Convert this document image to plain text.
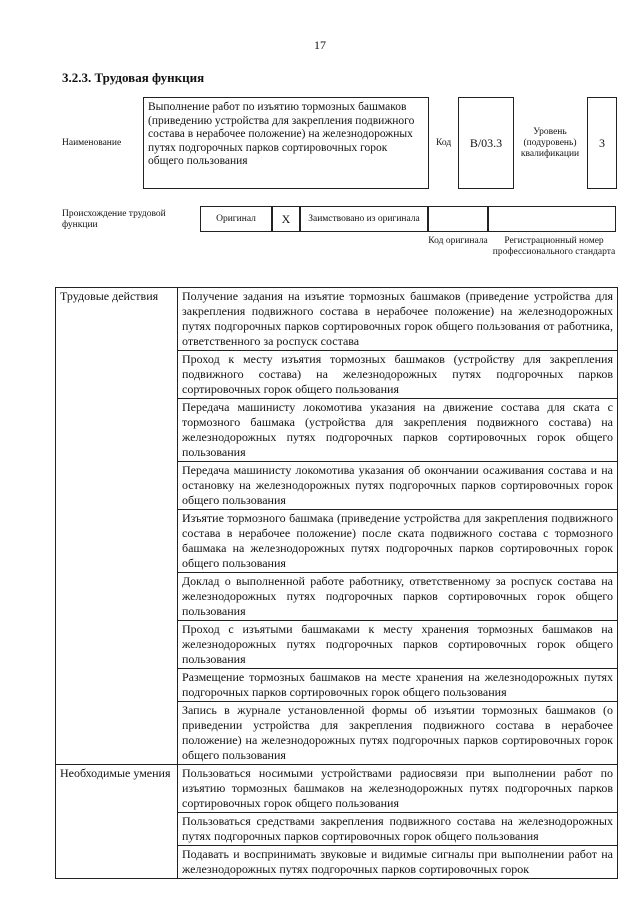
17
3.2.3. Трудовая функция
Наименование
Выполнение работ по изъятию тормозных башмаков (приведению устройства для закрепления подвижного состава в нерабочее положение) на железнодорожных путях подгорочных парков сортировочных горок общего пользования
Код	В/03.3
Уровень (подуровень) квалификации
3
Происхождение трудовой функции
Оригинал	Х	Заимствовано из оригинала
Код оригинала	Регистрационный номер профессионального стандарта
Трудовые действия	Получение задания на изъятие тормозных башмаков (приведение устройства для закрепления подвижного состава в нерабочее положение) на железнодорожных путях подгорочных парков сортировочных горок общего пользования от работника, ответственного за роспуск состава
	Проход к месту изъятия тормозных башмаков (устройству для закрепления подвижного состава) на железнодорожных путях подгорочных парков сортировочных горок общего пользования
	Передача машинисту локомотива указания на движение состава для ската с тормозного башмака (устройства для закрепления подвижного состава) на железнодорожных путях подгорочных парков сортировочных горок общего пользования
	Передача машинисту локомотива указания об окончании осаживания состава и на остановку на железнодорожных путях подгорочных парков сортировочных горок общего пользования
	Изъятие тормозного башмака (приведение устройства для закрепления подвижного состава в нерабочее положение) после ската подвижного состава с тормозного башмака на железнодорожных путях подгорочных парков сортировочных горок общего пользования
	Доклад о выполненной работе работнику, ответственному за роспуск состава на железнодорожных путях подгорочных парков сортировочных горок общего пользования
	Проход с изъятыми башмаками к месту хранения тормозных башмаков на железнодорожных путях подгорочных парков сортировочных горок общего пользования
	Размещение тормозных башмаков на месте хранения на железнодорожных путях подгорочных парков сортировочных горок общего пользования
	Запись в журнале установленной формы об изъятии тормозных башмаков (о приведении устройства для закрепления подвижного состава в нерабочее положение) на железнодорожных путях подгорочных парков сортировочных горок общего пользования
Необходимые умения	Пользоваться носимыми устройствами радиосвязи при выполнении работ по изъятию тормозных башмаков на железнодорожных путях подгорочных парков сортировочных горок общего пользования
	Пользоваться средствами закрепления подвижного состава на железнодорожных путях подгорочных парков сортировочных горок общего пользования
	Подавать и воспринимать звуковые и видимые сигналы при выполнении работ на железнодорожных путях подгорочных парков сортировочных горок
